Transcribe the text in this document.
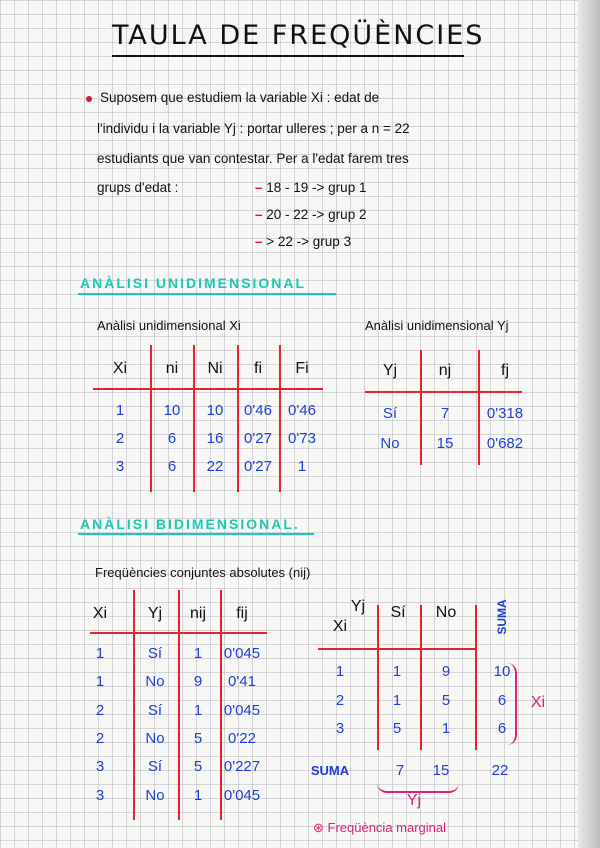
TAULA DE FREQÜÈNCIES
Suposem que estudiem la variable Xi : edat de
l'individu i la variable Yj : portar ulleres ; per a n = 22
estudiants que van contestar. Per a l'edat farem tres
grups d'edat :	– 18 - 19 -> grup 1
– 20 - 22 -> grup 2
– > 22 -> grup 3
ANÀLISI UNIDIMENSIONAL
Anàlisi unidimensional Xi	Anàlisi unidimensional Yj
ANÀLISI BIDIMENSIONAL.
Freqüències conjuntes absolutes (nij)
Xi ni Ni fi Fi
1	10 10 0'46 0'46
2	6 16 0'27 0'73
3	6 22 0'27 1
Yj	nj	fj
Sí	7	0'318
No 15 0'682
Xi	Yj nij fij
1	Sí 1 0'045
1	No 9 0'41
2	Sí 1 0'045
2	No 5 0'22
3	Sí 5 0'227
3	No 1 0'045
Yj
Xi
Sí No	SUMA
1	1	9	10
2	1	5	6
3	5	1	6
SUMA	7 15	22
Yj
Xi
⊛ Freqüència marginal
